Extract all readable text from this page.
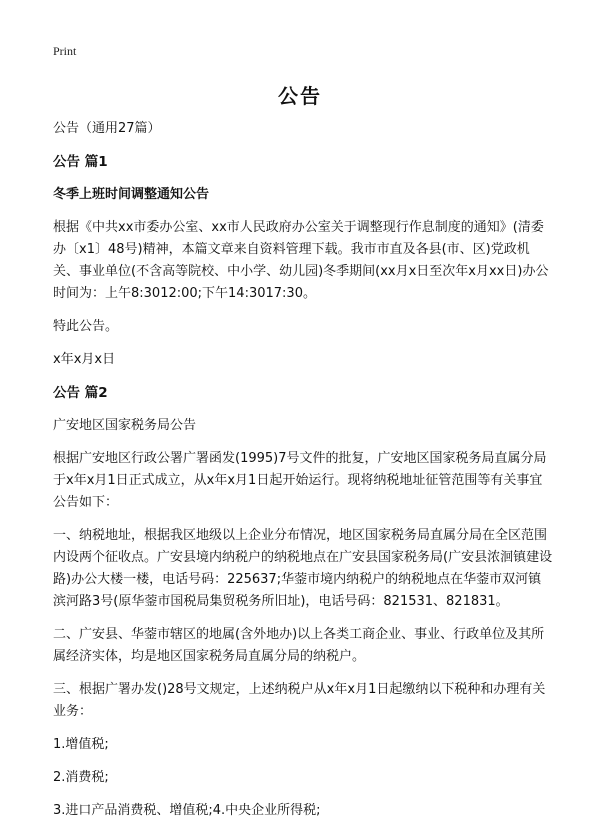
Print
公告

公告（通用27篇）

公告 篇1
冬季上班时间调整通知公告

根据《中共xx市委办公室、xx市人民政府办公室关于调整现行作息制度的通知》(清委办〔x1〕48号)精神，本篇文章来自资料管理下载。我市市直及各县(市、区)党政机关、事业单位(不含高等院校、中小学、幼儿园)冬季期间(xx月x日至次年x月xx日)办公时间为：上午8:3012:00;下午14:3017:30。

特此公告。

x年x月x日

公告 篇2

广安地区国家税务局公告

根据广安地区行政公署广署函发(1995)7号文件的批复，广安地区国家税务局直属分局于x年x月1日正式成立，从x年x月1日起开始运行。现将纳税地址征管范围等有关事宜公告如下：

一、纳税地址，根据我区地级以上企业分布情况，地区国家税务局直属分局在全区范围内设两个征收点。广安县境内纳税户的纳税地点在广安县国家税务局(广安县浓洄镇建设路)办公大楼一楼，电话号码：225637;华蓥市境内纳税户的纳税地点在华蓥市双河镇滨河路3号(原华蓥市国税局集贸税务所旧址)，电话号码：821531、821831。

二、广安县、华蓥市辖区的地属(含外地办)以上各类工商企业、事业、行政单位及其所属经济实体，均是地区国家税务局直属分局的纳税户。

三、根据广署办发()28号文规定，上述纳税户从x年x月1日起缴纳以下税种和办理有关业务：

1.增值税;

2.消费税;

3.进口产品消费税、增值税;4.中央企业所得税;
